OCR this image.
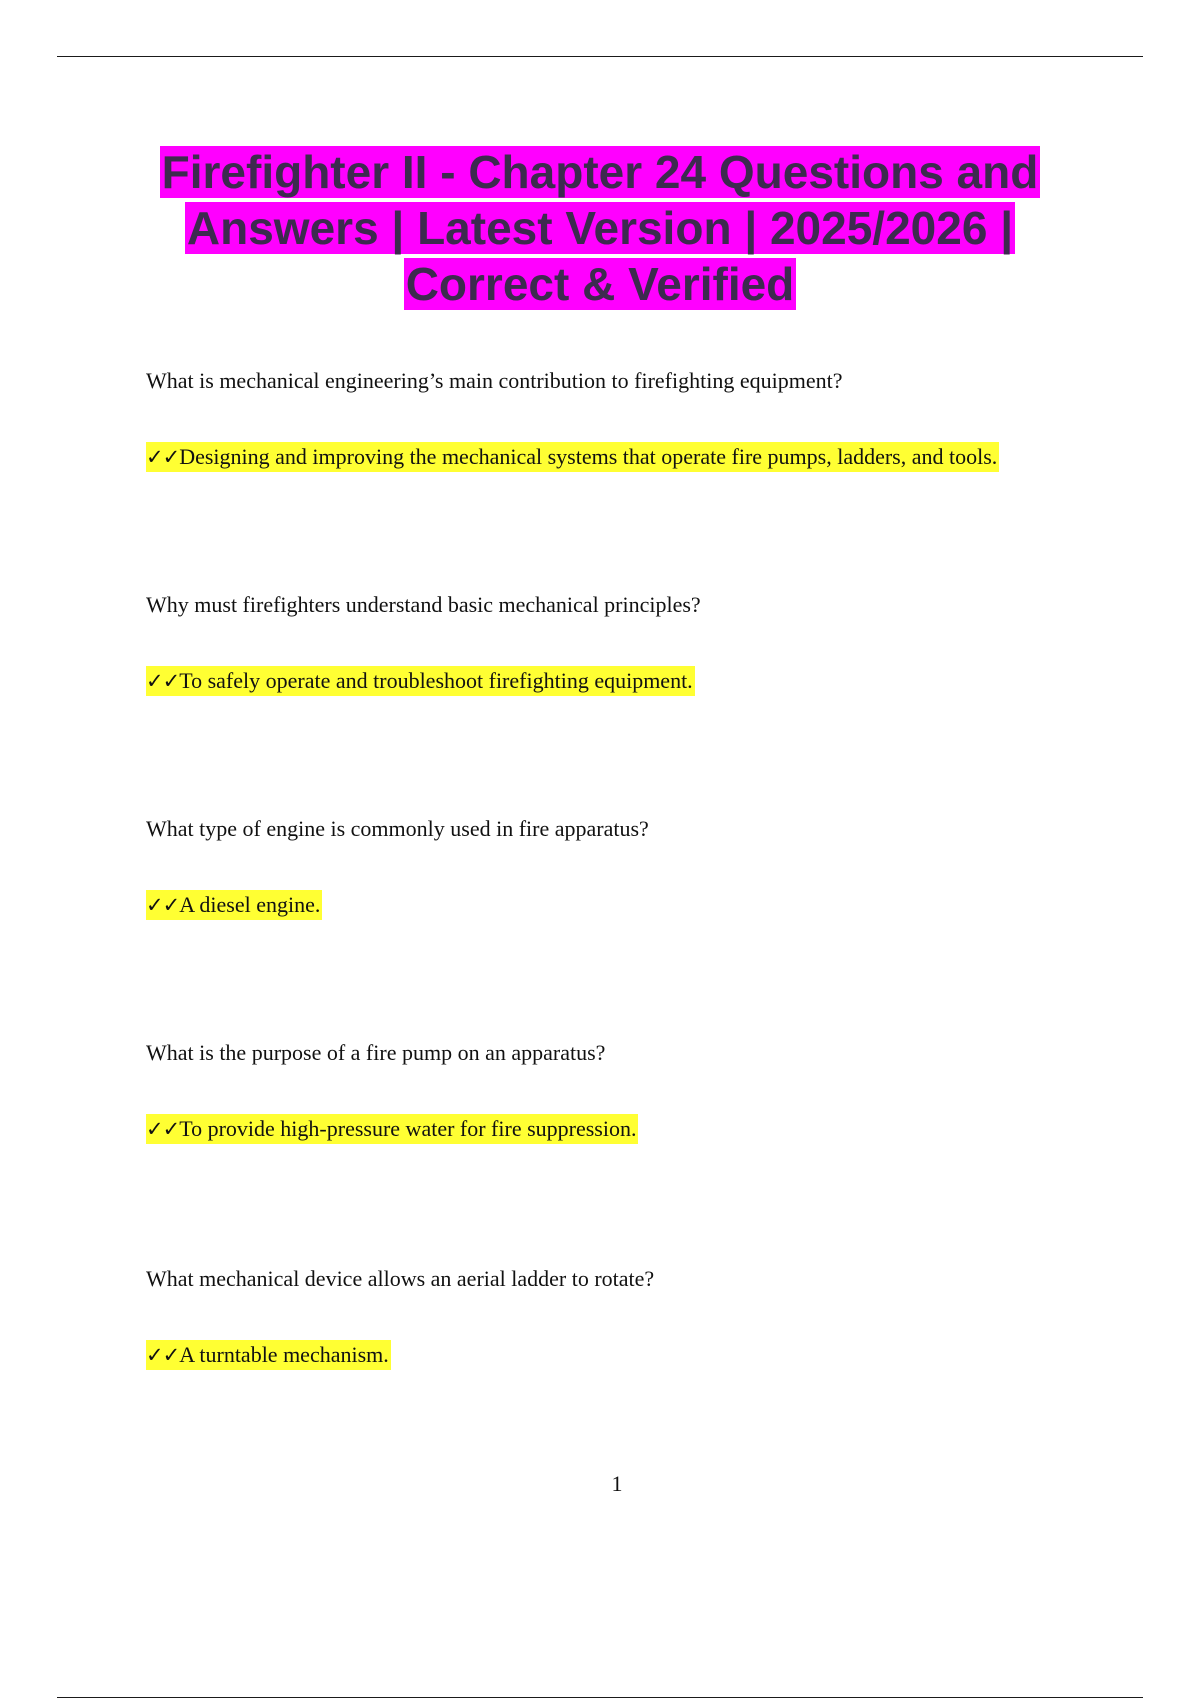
Firefighter II - Chapter 24 Questions and
Answers | Latest Version | 2025/2026 |
Correct & Verified
What is mechanical engineering’s main contribution to firefighting equipment?
✓✓Designing and improving the mechanical systems that operate fire pumps, ladders, and tools.
Why must firefighters understand basic mechanical principles?
✓✓To safely operate and troubleshoot firefighting equipment.
What type of engine is commonly used in fire apparatus?
✓✓A diesel engine.
What is the purpose of a fire pump on an apparatus?
✓✓To provide high-pressure water for fire suppression.
What mechanical device allows an aerial ladder to rotate?
✓✓A turntable mechanism.
1
